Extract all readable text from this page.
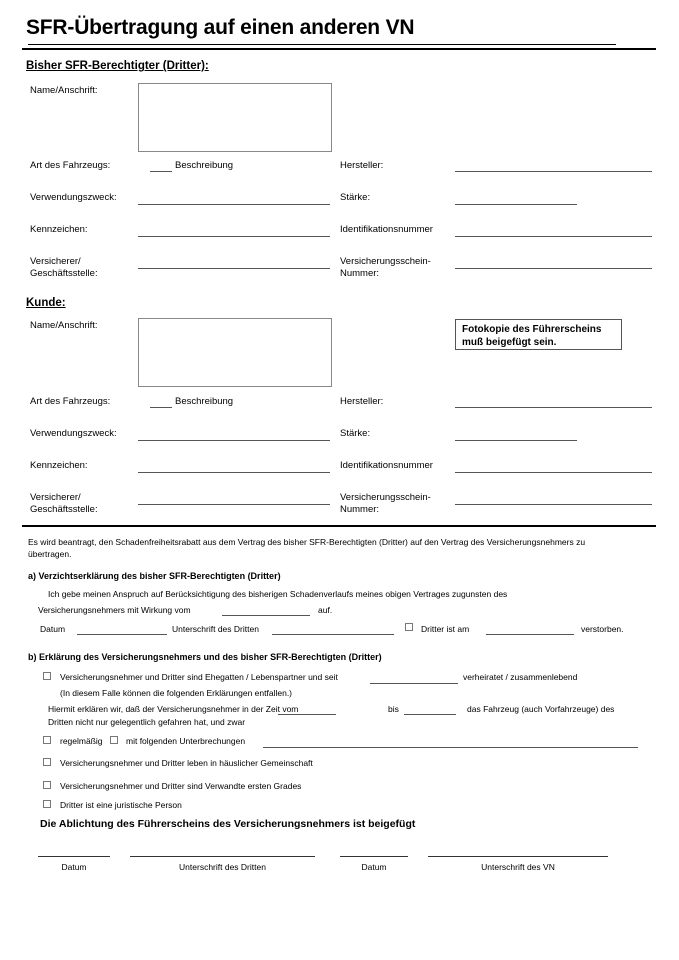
SFR-Übertragung auf einen anderen VN
Bisher SFR-Berechtigter (Dritter):
Name/Anschrift:
Art des Fahrzeugs:	Beschreibung	Hersteller:
Verwendungszweck:	Stärke:
Kennzeichen:	Identifikationsnummer
Versicherer/
Geschäftsstelle:
Versicherungsschein-
Nummer:
Kunde:
Name/Anschrift:	Fotokopie des Führerscheins
muß beigefügt sein.
Art des Fahrzeugs:	Beschreibung	Hersteller:
Verwendungszweck:	Stärke:
Kennzeichen:	Identifikationsnummer
Versicherer/
Geschäftsstelle:
Versicherungsschein-
Nummer:
Es wird beantragt, den Schadenfreiheitsrabatt aus dem Vertrag des bisher SFR-Berechtigten (Dritter) auf den Vertrag des Versicherungsnehmers zu
übertragen.
a) Verzichtserklärung des bisher SFR-Berechtigten (Dritter)
Ich gebe meinen Anspruch auf Berücksichtigung des bisherigen Schadenverlaufs meines obigen Vertrages zugunsten des
Versicherungsnehmers mit Wirkung vom	auf.
Datum	Unterschrift des Dritten	Dritter ist am	verstorben.
b) Erklärung des Versicherungsnehmers und des bisher SFR-Berechtigten (Dritter)
Versicherungsnehmer und Dritter sind Ehegatten / Lebenspartner und seit	verheiratet / zusammenlebend
(In diesem Falle können die folgenden Erklärungen entfallen.)
Hiermit erklären wir, daß der Versicherungsnehmer in der Zeit vom	bis	das Fahrzeug (auch Vorfahrzeuge) des
Dritten nicht nur gelegentlich gefahren hat, und zwar
regelmäßig	mit folgenden Unterbrechungen
Versicherungsnehmer und Dritter leben in häuslicher Gemeinschaft
Versicherungsnehmer und Dritter sind Verwandte ersten Grades
Dritter ist eine juristische Person
Die Ablichtung des Führerscheins des Versicherungsnehmers ist beigefügt
Datum	Unterschrift des Dritten	Datum	Unterschrift des VN
